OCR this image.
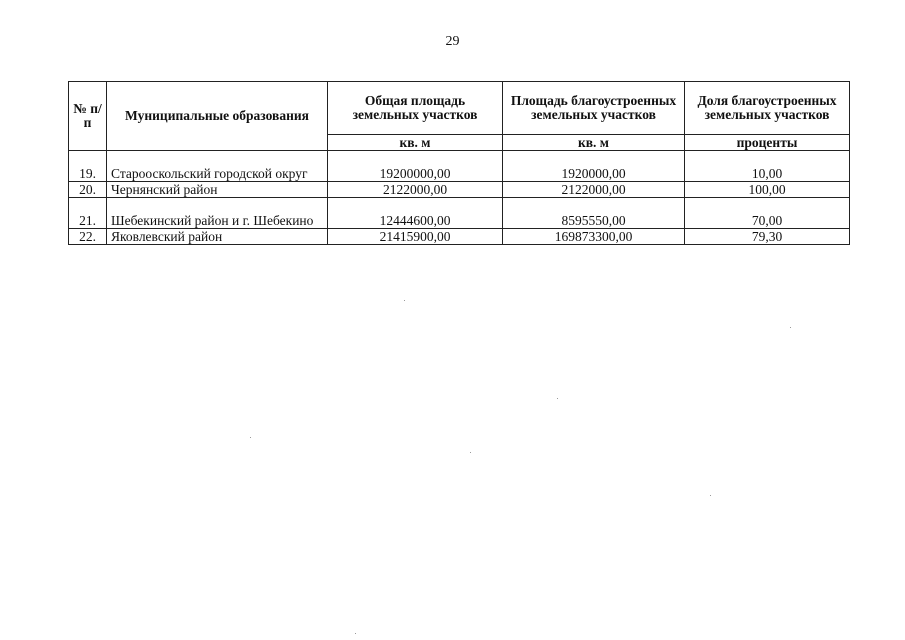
29
№ п/п	Муниципальные образования	Общая площадь земельных участков	Площадь благоустроенных земельных участков	Доля благоустроенных земельных участков
		кв. м	кв. м	проценты
19.	Старооскольский городской округ	19200000,00	1920000,00	10,00
20.	Чернянский район	2122000,00	2122000,00	100,00
21.	Шебекинский район и г. Шебекино	12444600,00	8595550,00	70,00
22.	Яковлевский район	21415900,00	169873300,00	79,30
